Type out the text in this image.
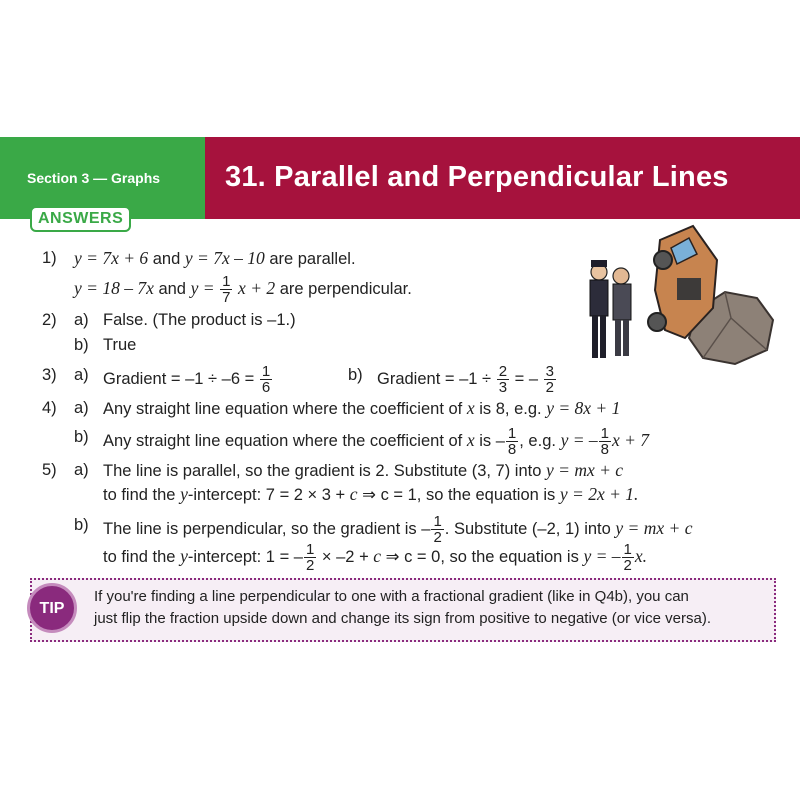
Section 3 — Graphs 31. Parallel and Perpendicular Lines
ANSWERS
1) y = 7x + 6 and y = 7x – 10 are parallel.
y = 18 – 7x and $y = \frac{1}{7}$ x + 2 are perpendicular.
2) a) False. (The product is –1.)
b) True
3) a) Gradient = $-1 \div -6 = \frac{1}{6}$	b) Gradient = $-1 \div \frac{2}{3}$ = – $\frac{3}{2}$
4) a) Any straight line equation where the coefficient of x is 8, e.g. y = 8x + 1
b) Any straight line equation where the coefficient of x is – $\frac{1}{8}$ , e.g. y = – $\frac{1}{8}$ x + 7
5) a) The line is parallel, so the gradient is 2. Substitute (3, 7) into y = mx + c
to find the y-intercept: 7 = 2 × 3 + c ⇒ c = 1, so the equation is y = 2x + 1.
b) The line is perpendicular, so the gradient is – $\frac{1}{2}$ . Substitute (–2, 1) into y = mx + c
to find the y-intercept: 1 = – $\frac{1}{2} \times -2 + c$ ⇒ c = 0, so the equation is y = – $\frac{1}{2} x$.
TIP
If you're finding a line perpendicular to one with a fractional gradient (like in Q4b), you can
just flip the fraction upside down and change its sign from positive to negative (or vice versa).
